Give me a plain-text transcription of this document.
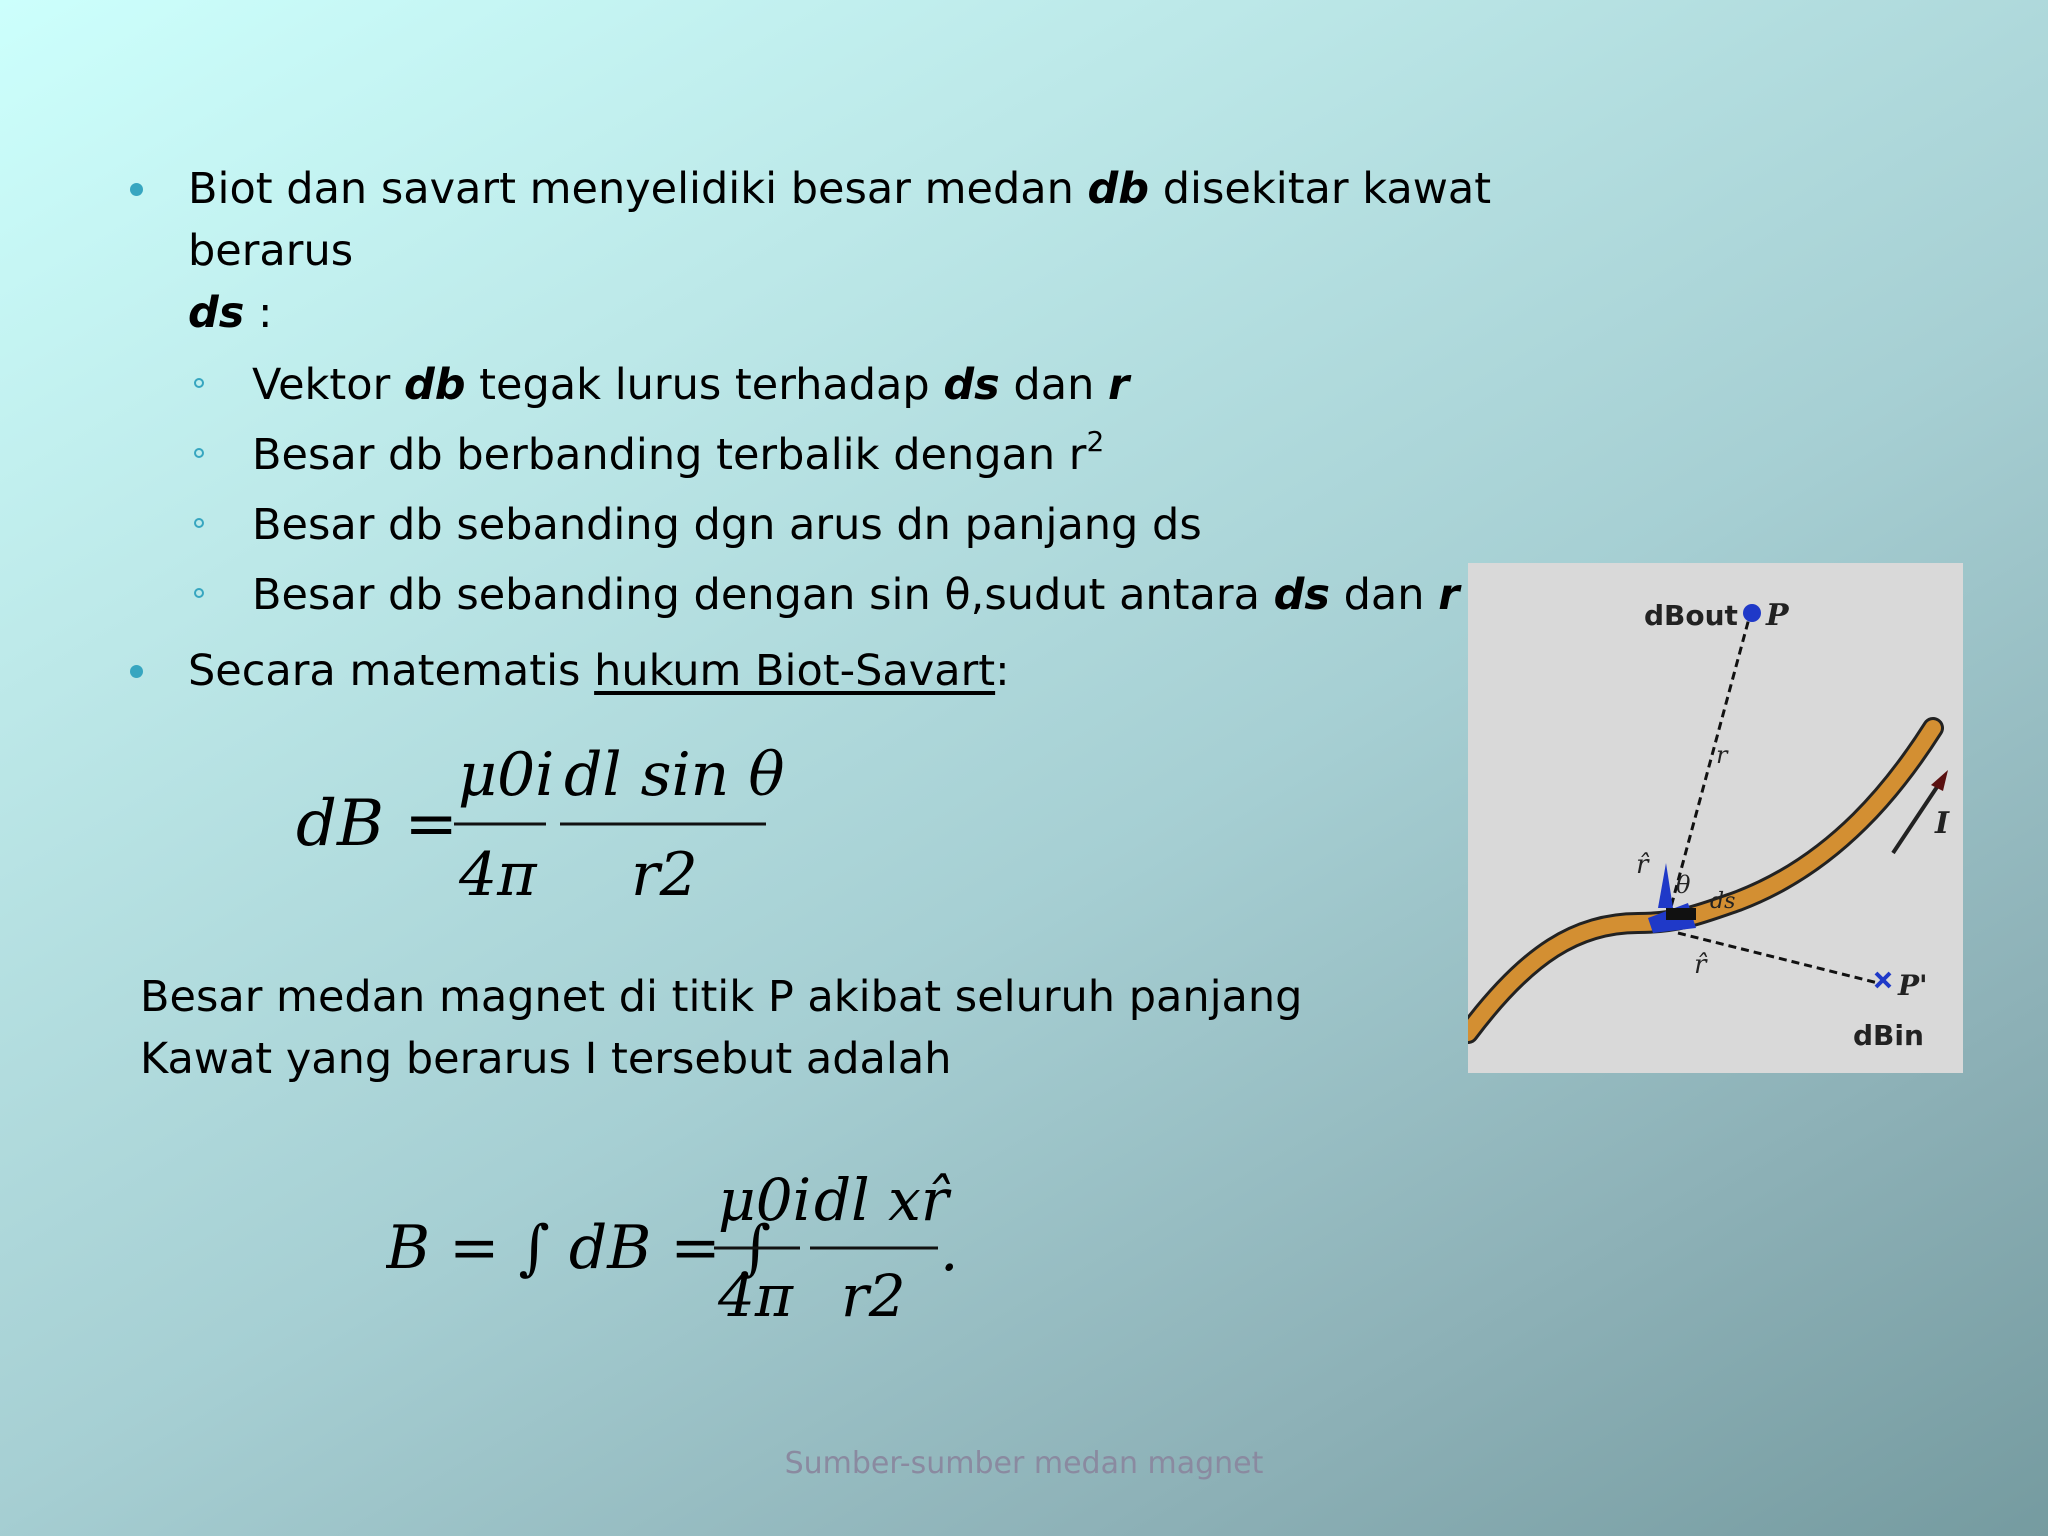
Biot dan savart menyelidiki besar medan db disekitar kawat berarus
ds :
Vektor db tegak lurus terhadap ds dan r
Besar db berbanding terbalik dengan $r^2$
Besar db sebanding dgn arus dn panjang ds
Besar db sebanding dengan sin θ,sudut antara ds dan r
Secara matematis hukum Biot-Savart:
dB =
μ0i
4π
dl sin θ
r2

Besar medan magnet di titik P akibat seluruh panjang Kawat yang berarus I tersebut adalah

B = ∫ dB = ∫
μ0i
4π
dl xr̂
r2
.
dBout P
r
I
θ
ds
r̂
r̂
P'
dBin
Sumber-sumber medan magnet
